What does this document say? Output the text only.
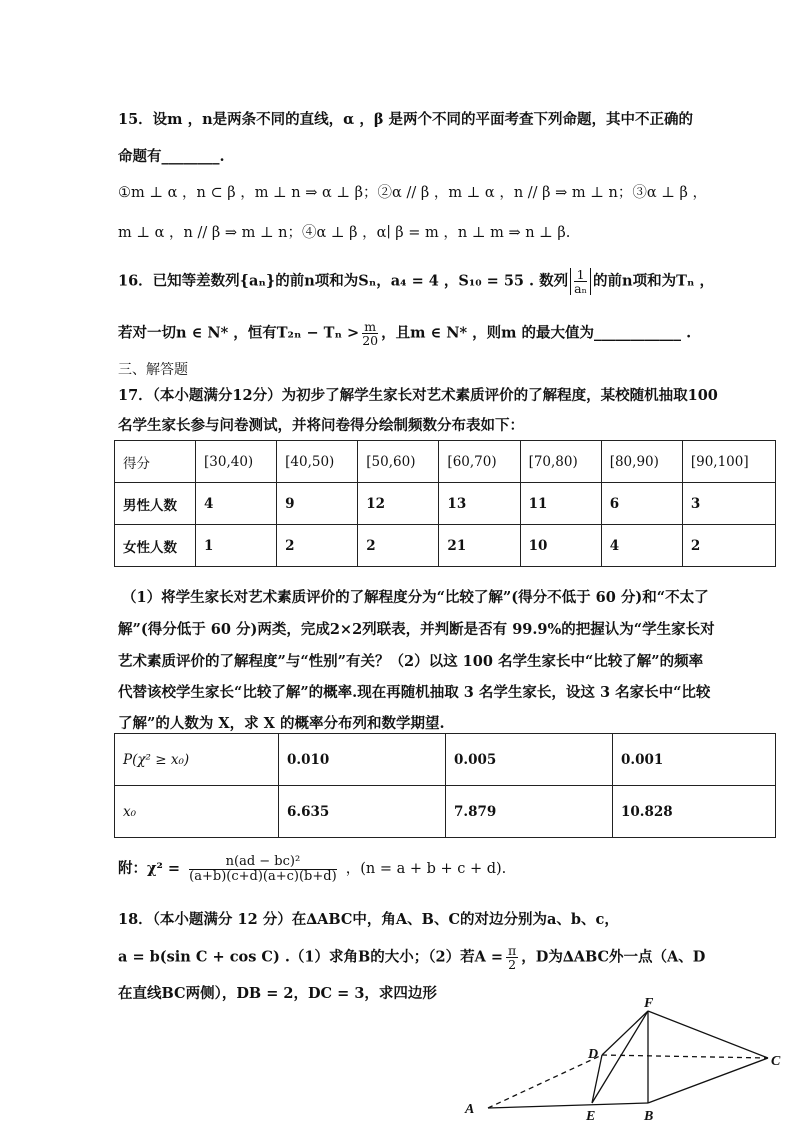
15．设m ，n是两条不同的直线，α ，β 是两个不同的平面考查下列命题，其中不正确的
命题有________.
①m ⊥ α ，n ⊂ β ，m ⊥ n ⇒ α ⊥ β；②α // β ，m ⊥ α ，n // β ⇒ m ⊥ n；③α ⊥ β ，
m ⊥ α ，n // β ⇒ m ⊥ n；④α ⊥ β ，α∣ β = m ，n ⊥ m ⇒ n ⊥ β.
16．已知等差数列{aₙ}的前n项和为Sₙ，a₄ = 4 ，S₁₀ = 55 . 数列 $\frac{1}{\text{aₙ}}$ 的前n项和为Tₙ ，
若对一切n ∈ N* ，恒有$T_{2n} - T_n > \frac{m}{20}$ ，且m ∈ N* ，则m 的最大值为____________ .
三、解答题
17．（本小题满分12分）为初步了解学生家长对艺术素质评价的了解程度，某校随机抽取100
名学生家长参与问卷测试，并将问卷得分绘制频数分布表如下：
得分	[30,40)	[40,50)	[50,60)	[60,70)	[70,80)	[80,90)	[90,100]
男性人数	4	9	12	13	11	6	3
女性人数	1	2	2	21	10	4	2
（1）将学生家长对艺术素质评价的了解程度分为“比较了解”(得分不低于 60 分)和“不太了
解”(得分低于 60 分)两类，完成2×2列联表，并判断是否有 99.9%的把握认为“学生家长对
艺术素质评价的了解程度”与“性别”有关？（2）以这 100 名学生家长中“比较了解”的频率
代替该校学生家长“比较了解”的概率.现在再随机抽取 3 名学生家长，设这 3 名家长中“比较
了解”的人数为 X，求 X 的概率分布列和数学期望.
P(χ² ≥ x₀)	0.010	0.005	0.001
x₀	6.635	7.879	10.828
附：$\chi^2 = \frac{\text{n(ad − bc)²}}{(a+b)(c+d)(a+c)(b+d)}$ ，(n = a + b + c + d).
18．（本小题满分 12 分）在∆ABC中，角A、B、C的对边分别为a、b、c，
a = b(sin C + cos C) .（1）求角B的大小；（2）若$A = \frac{\pi}{2}$ ，D为∆ABC外一点（A、D
在直线BC两侧），DB = 2，DC = 3，求四边形
F
D	C
A	E	B
